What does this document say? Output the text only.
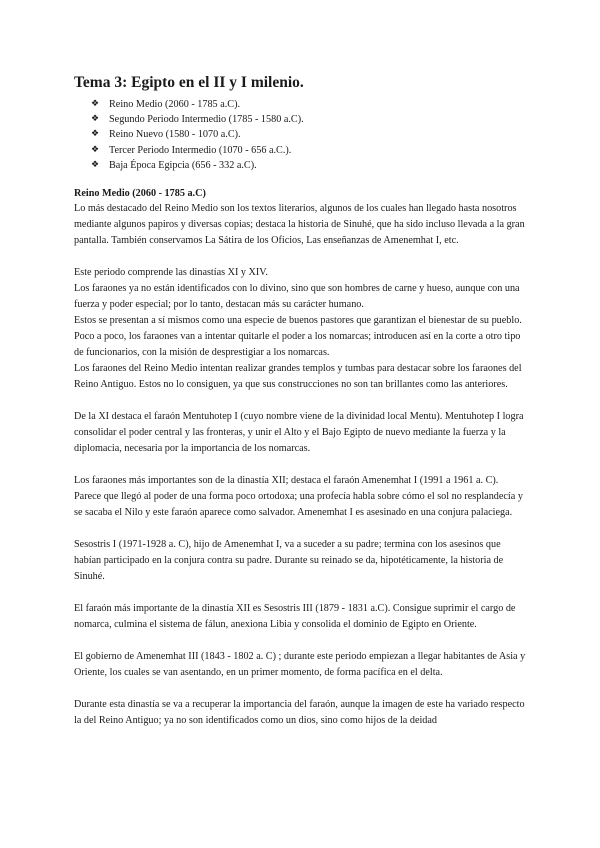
Tema 3: Egipto en el II y I milenio.
❖ Reino Medio (2060 - 1785 a.C).
❖ Segundo Periodo Intermedio (1785 - 1580 a.C).
❖ Reino Nuevo (1580 - 1070 a.C).
❖ Tercer Periodo Intermedio (1070 - 656 a.C.).
❖ Baja Época Egipcia (656 - 332 a.C).
Reino Medio (2060 - 1785 a.C)

Lo más destacado del Reino Medio son los textos literarios, algunos de los cuales han llegado hasta nosotros mediante algunos papiros y diversas copias; destaca la historia de Sinuhé, que ha sido incluso llevada a la gran pantalla. También conservamos La Sátira de los Oficios, Las enseñanzas de Amenemhat I, etc.

Este periodo comprende las dinastías XI y XIV.

Los faraones ya no están identificados con lo divino, sino que son hombres de carne y hueso, aunque con una fuerza y poder especial; por lo tanto, destacan más su carácter humano.

Estos se presentan a sí mismos como una especie de buenos pastores que garantizan el bienestar de su pueblo.

Poco a poco, los faraones van a intentar quitarle el poder a los nomarcas; introducen así en la corte a otro tipo de funcionarios, con la misión de desprestigiar a los nomarcas.

Los faraones del Reino Medio intentan realizar grandes templos y tumbas para destacar sobre los faraones del Reino Antiguo. Estos no lo consiguen, ya que sus construcciones no son tan brillantes como las anteriores.

De la XI destaca el faraón Mentuhotep I (cuyo nombre viene de la divinidad local Mentu). Mentuhotep I logra consolidar el poder central y las fronteras, y unir el Alto y el Bajo Egipto de nuevo mediante la fuerza y la diplomacia, necesaria por la importancia de los nomarcas.

Los faraones más importantes son de la dinastía XII; destaca el faraón Amenemhat I (1991 a 1961 a. C). Parece que llegó al poder de una forma poco ortodoxa; una profecía habla sobre cómo el sol no resplandecía y se sacaba el Nilo y este faraón aparece como salvador. Amenemhat I es asesinado en una conjura palaciega.

Sesostris I (1971-1928 a. C), hijo de Amenemhat I, va a suceder a su padre; termina con los asesinos que habían participado en la conjura contra su padre. Durante su reinado se da, hipotéticamente, la historia de Sinuhé.

El faraón más importante de la dinastía XII es Sesostris III (1879 - 1831 a.C). Consigue suprimir el cargo de nomarca, culmina el sistema de fálun, anexiona Libia y consolida el dominio de Egipto en Oriente.

El gobierno de Amenemhat III (1843 - 1802 a. C) ; durante este periodo empiezan a llegar habitantes de Asia y Oriente, los cuales se van asentando, en un primer momento, de forma pacífica en el delta.

Durante esta dinastía se va a recuperar la importancia del faraón, aunque la imagen de este ha variado respecto la del Reino Antiguo; ya no son identificados como un dios, sino como hijos de la deidad
